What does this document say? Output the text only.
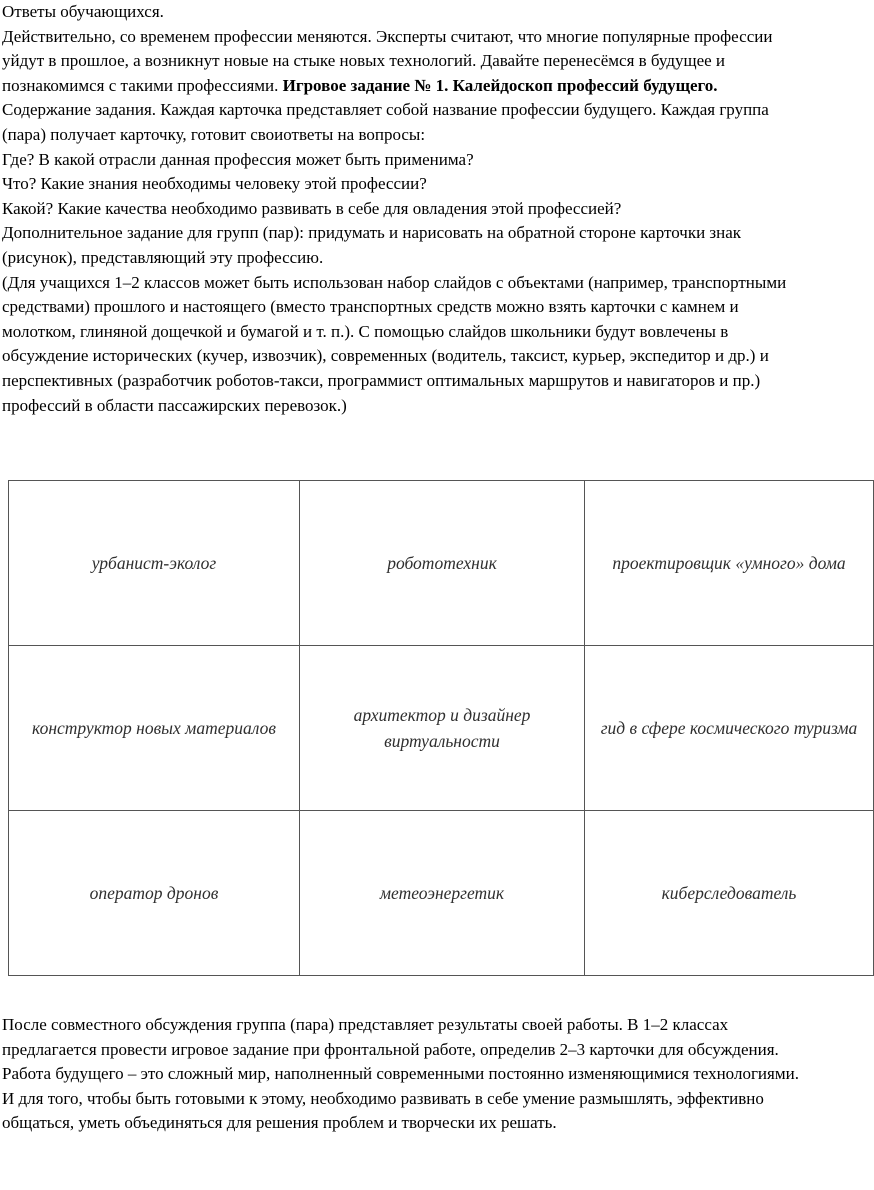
Ответы обучающихся.

Действительно, со временем профессии меняются. Эксперты считают, что многие популярные профессии уйдут в прошлое, а возникнут новые на стыке новых технологий. Давайте перенесёмся в будущее и познакомимся с такими профессиями. Игровое задание № 1. Калейдоскоп профессий будущего.

Содержание задания. Каждая карточка представляет собой название профессии будущего. Каждая группа (пара) получает карточку, готовит своиответы на вопросы:

Где? В какой отрасли данная профессия может быть применима?

Что? Какие знания необходимы человеку этой профессии?

Какой? Какие качества необходимо развивать в себе для овладения этой профессией?

Дополнительное задание для групп (пар): придумать и нарисовать на обратной стороне карточки знак (рисунок), представляющий эту профессию.

(Для учащихся 1–2 классов может быть использован набор слайдов с объектами (например, транспортными средствами) прошлого и настоящего (вместо транспортных средств можно взять карточки с камнем и молотком, глиняной дощечкой и бумагой и т. п.). С помощью слайдов школьники будут вовлечены в обсуждение исторических (кучер, извозчик), современных (водитель, таксист, курьер, экспедитор и др.) и перспективных (разработчик роботов-такси, программист оптимальных маршрутов и навигаторов и пр.) профессий в области пассажирских перевозок.)

урбанист-эколог	робототехник	проектировщик «умного» дома
конструктор новых материалов	архитектор и дизайнер виртуальности	гид в сфере космического туризма
оператор дронов	метеоэнергетик	киберследователь

После совместного обсуждения группа (пара) представляет результаты своей работы. В 1–2 классах предлагается провести игровое задание при фронтальной работе, определив 2–3 карточки для обсуждения.

Работа будущего – это сложный мир, наполненный современными постоянно изменяющимися технологиями. И для того, чтобы быть готовыми к этому, необходимо развивать в себе умение размышлять, эффективно общаться, уметь объединяться для решения проблем и творчески их решать.
